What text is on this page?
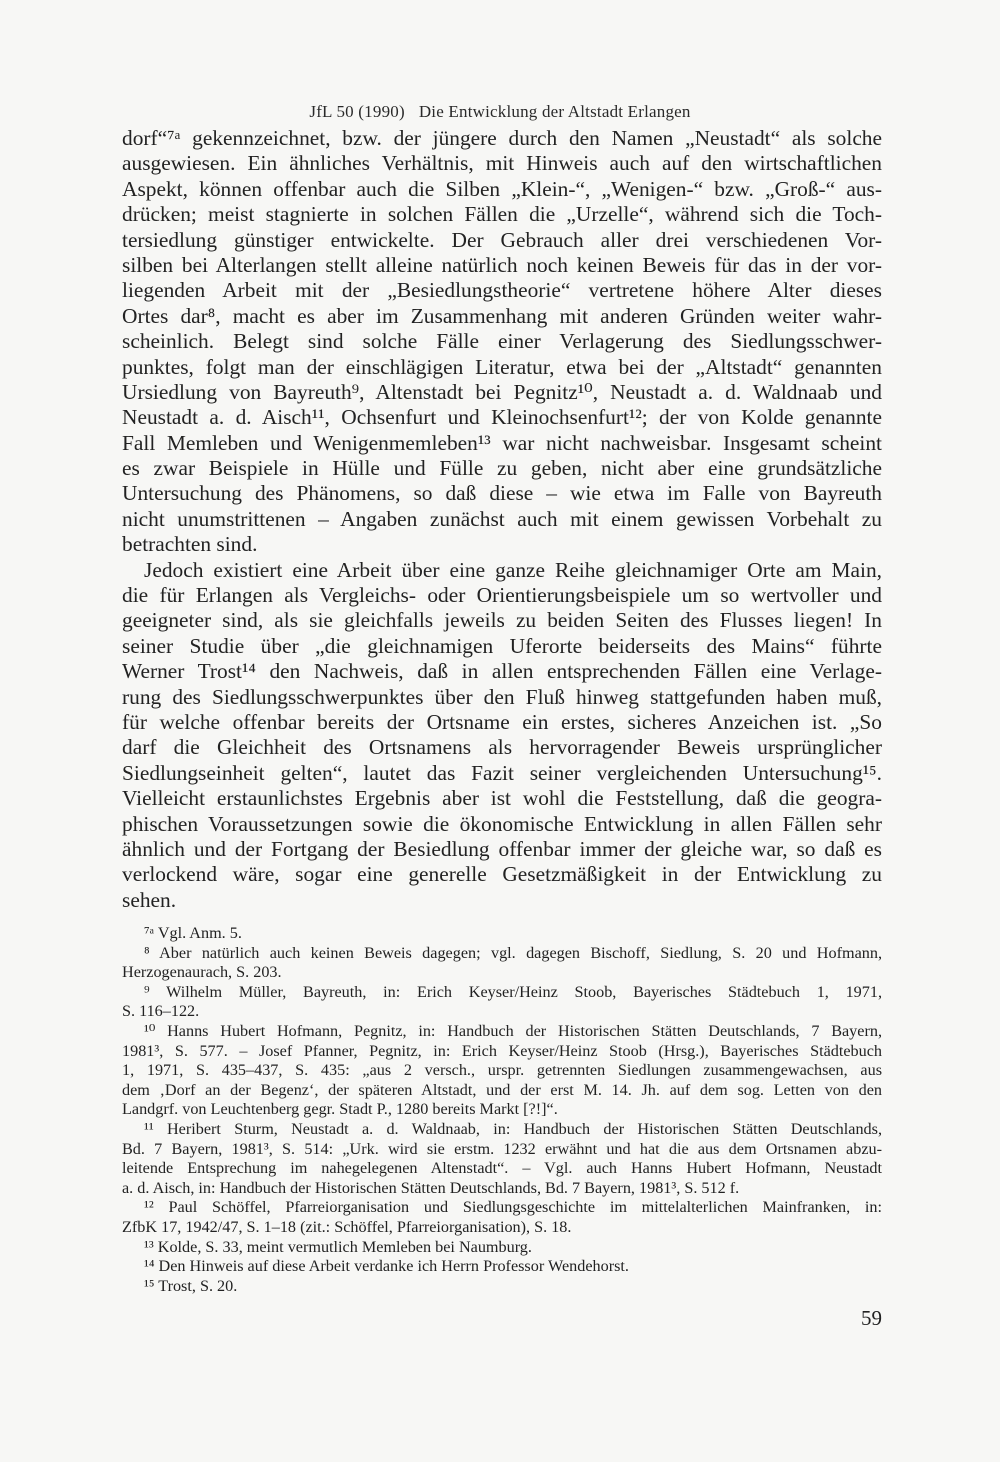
JfL 50 (1990) Die Entwicklung der Altstadt Erlangen
dorf“⁷ᵃ gekennzeichnet, bzw. der jüngere durch den Namen „Neustadt“ als solche
ausgewiesen. Ein ähnliches Verhältnis, mit Hinweis auch auf den wirtschaftlichen
Aspekt, können offenbar auch die Silben „Klein-“, „Wenigen-“ bzw. „Groß-“ aus-
drücken; meist stagnierte in solchen Fällen die „Urzelle“, während sich die Toch-
tersiedlung günstiger entwickelte. Der Gebrauch aller drei verschiedenen Vor-
silben bei Alterlangen stellt alleine natürlich noch keinen Beweis für das in der vor-
liegenden Arbeit mit der „Besiedlungstheorie“ vertretene höhere Alter dieses
Ortes dar⁸, macht es aber im Zusammenhang mit anderen Gründen weiter wahr-
scheinlich. Belegt sind solche Fälle einer Verlagerung des Siedlungsschwer-
punktes, folgt man der einschlägigen Literatur, etwa bei der „Altstadt“ genannten
Ursiedlung von Bayreuth⁹, Altenstadt bei Pegnitz¹⁰, Neustadt a. d. Waldnaab und
Neustadt a. d. Aisch¹¹, Ochsenfurt und Kleinochsenfurt¹²; der von Kolde genannte
Fall Memleben und Wenigenmemleben¹³ war nicht nachweisbar. Insgesamt scheint
es zwar Beispiele in Hülle und Fülle zu geben, nicht aber eine grundsätzliche
Untersuchung des Phänomens, so daß diese – wie etwa im Falle von Bayreuth
nicht unumstrittenen – Angaben zunächst auch mit einem gewissen Vorbehalt zu
betrachten sind.
Jedoch existiert eine Arbeit über eine ganze Reihe gleichnamiger Orte am Main,
die für Erlangen als Vergleichs- oder Orientierungsbeispiele um so wertvoller und
geeigneter sind, als sie gleichfalls jeweils zu beiden Seiten des Flusses liegen! In
seiner Studie über „die gleichnamigen Uferorte beiderseits des Mains“ führte
Werner Trost¹⁴ den Nachweis, daß in allen entsprechenden Fällen eine Verlage-
rung des Siedlungsschwerpunktes über den Fluß hinweg stattgefunden haben muß,
für welche offenbar bereits der Ortsname ein erstes, sicheres Anzeichen ist. „So
darf die Gleichheit des Ortsnamens als hervorragender Beweis ursprünglicher
Siedlungseinheit gelten“, lautet das Fazit seiner vergleichenden Untersuchung¹⁵.
Vielleicht erstaunlichstes Ergebnis aber ist wohl die Feststellung, daß die geogra-
phischen Voraussetzungen sowie die ökonomische Entwicklung in allen Fällen sehr
ähnlich und der Fortgang der Besiedlung offenbar immer der gleiche war, so daß es
verlockend wäre, sogar eine generelle Gesetzmäßigkeit in der Entwicklung zu
sehen.
⁷ᵃ Vgl. Anm. 5.
⁸ Aber natürlich auch keinen Beweis dagegen; vgl. dagegen Bischoff, Siedlung, S. 20 und Hofmann,
Herzogenaurach, S. 203.
⁹ Wilhelm Müller, Bayreuth, in: Erich Keyser/Heinz Stoob, Bayerisches Städtebuch 1, 1971,
S. 116–122.
¹⁰ Hanns Hubert Hofmann, Pegnitz, in: Handbuch der Historischen Stätten Deutschlands, 7 Bayern,
1981³, S. 577. – Josef Pfanner, Pegnitz, in: Erich Keyser/Heinz Stoob (Hrsg.), Bayerisches Städtebuch
1, 1971, S. 435–437, S. 435: „aus 2 versch., urspr. getrennten Siedlungen zusammengewachsen, aus
dem ‚Dorf an der Begenz‘, der späteren Altstadt, und der erst M. 14. Jh. auf dem sog. Letten von den
Landgrf. von Leuchtenberg gegr. Stadt P., 1280 bereits Markt [?!]“.
¹¹ Heribert Sturm, Neustadt a. d. Waldnaab, in: Handbuch der Historischen Stätten Deutschlands,
Bd. 7 Bayern, 1981³, S. 514: „Urk. wird sie erstm. 1232 erwähnt und hat die aus dem Ortsnamen abzu-
leitende Entsprechung im nahegelegenen Altenstadt“. – Vgl. auch Hanns Hubert Hofmann, Neustadt
a. d. Aisch, in: Handbuch der Historischen Stätten Deutschlands, Bd. 7 Bayern, 1981³, S. 512 f.
¹² Paul Schöffel, Pfarreiorganisation und Siedlungsgeschichte im mittelalterlichen Mainfranken, in:
ZfbK 17, 1942/47, S. 1–18 (zit.: Schöffel, Pfarreiorganisation), S. 18.
¹³ Kolde, S. 33, meint vermutlich Memleben bei Naumburg.
¹⁴ Den Hinweis auf diese Arbeit verdanke ich Herrn Professor Wendehorst.
¹⁵ Trost, S. 20.
59
